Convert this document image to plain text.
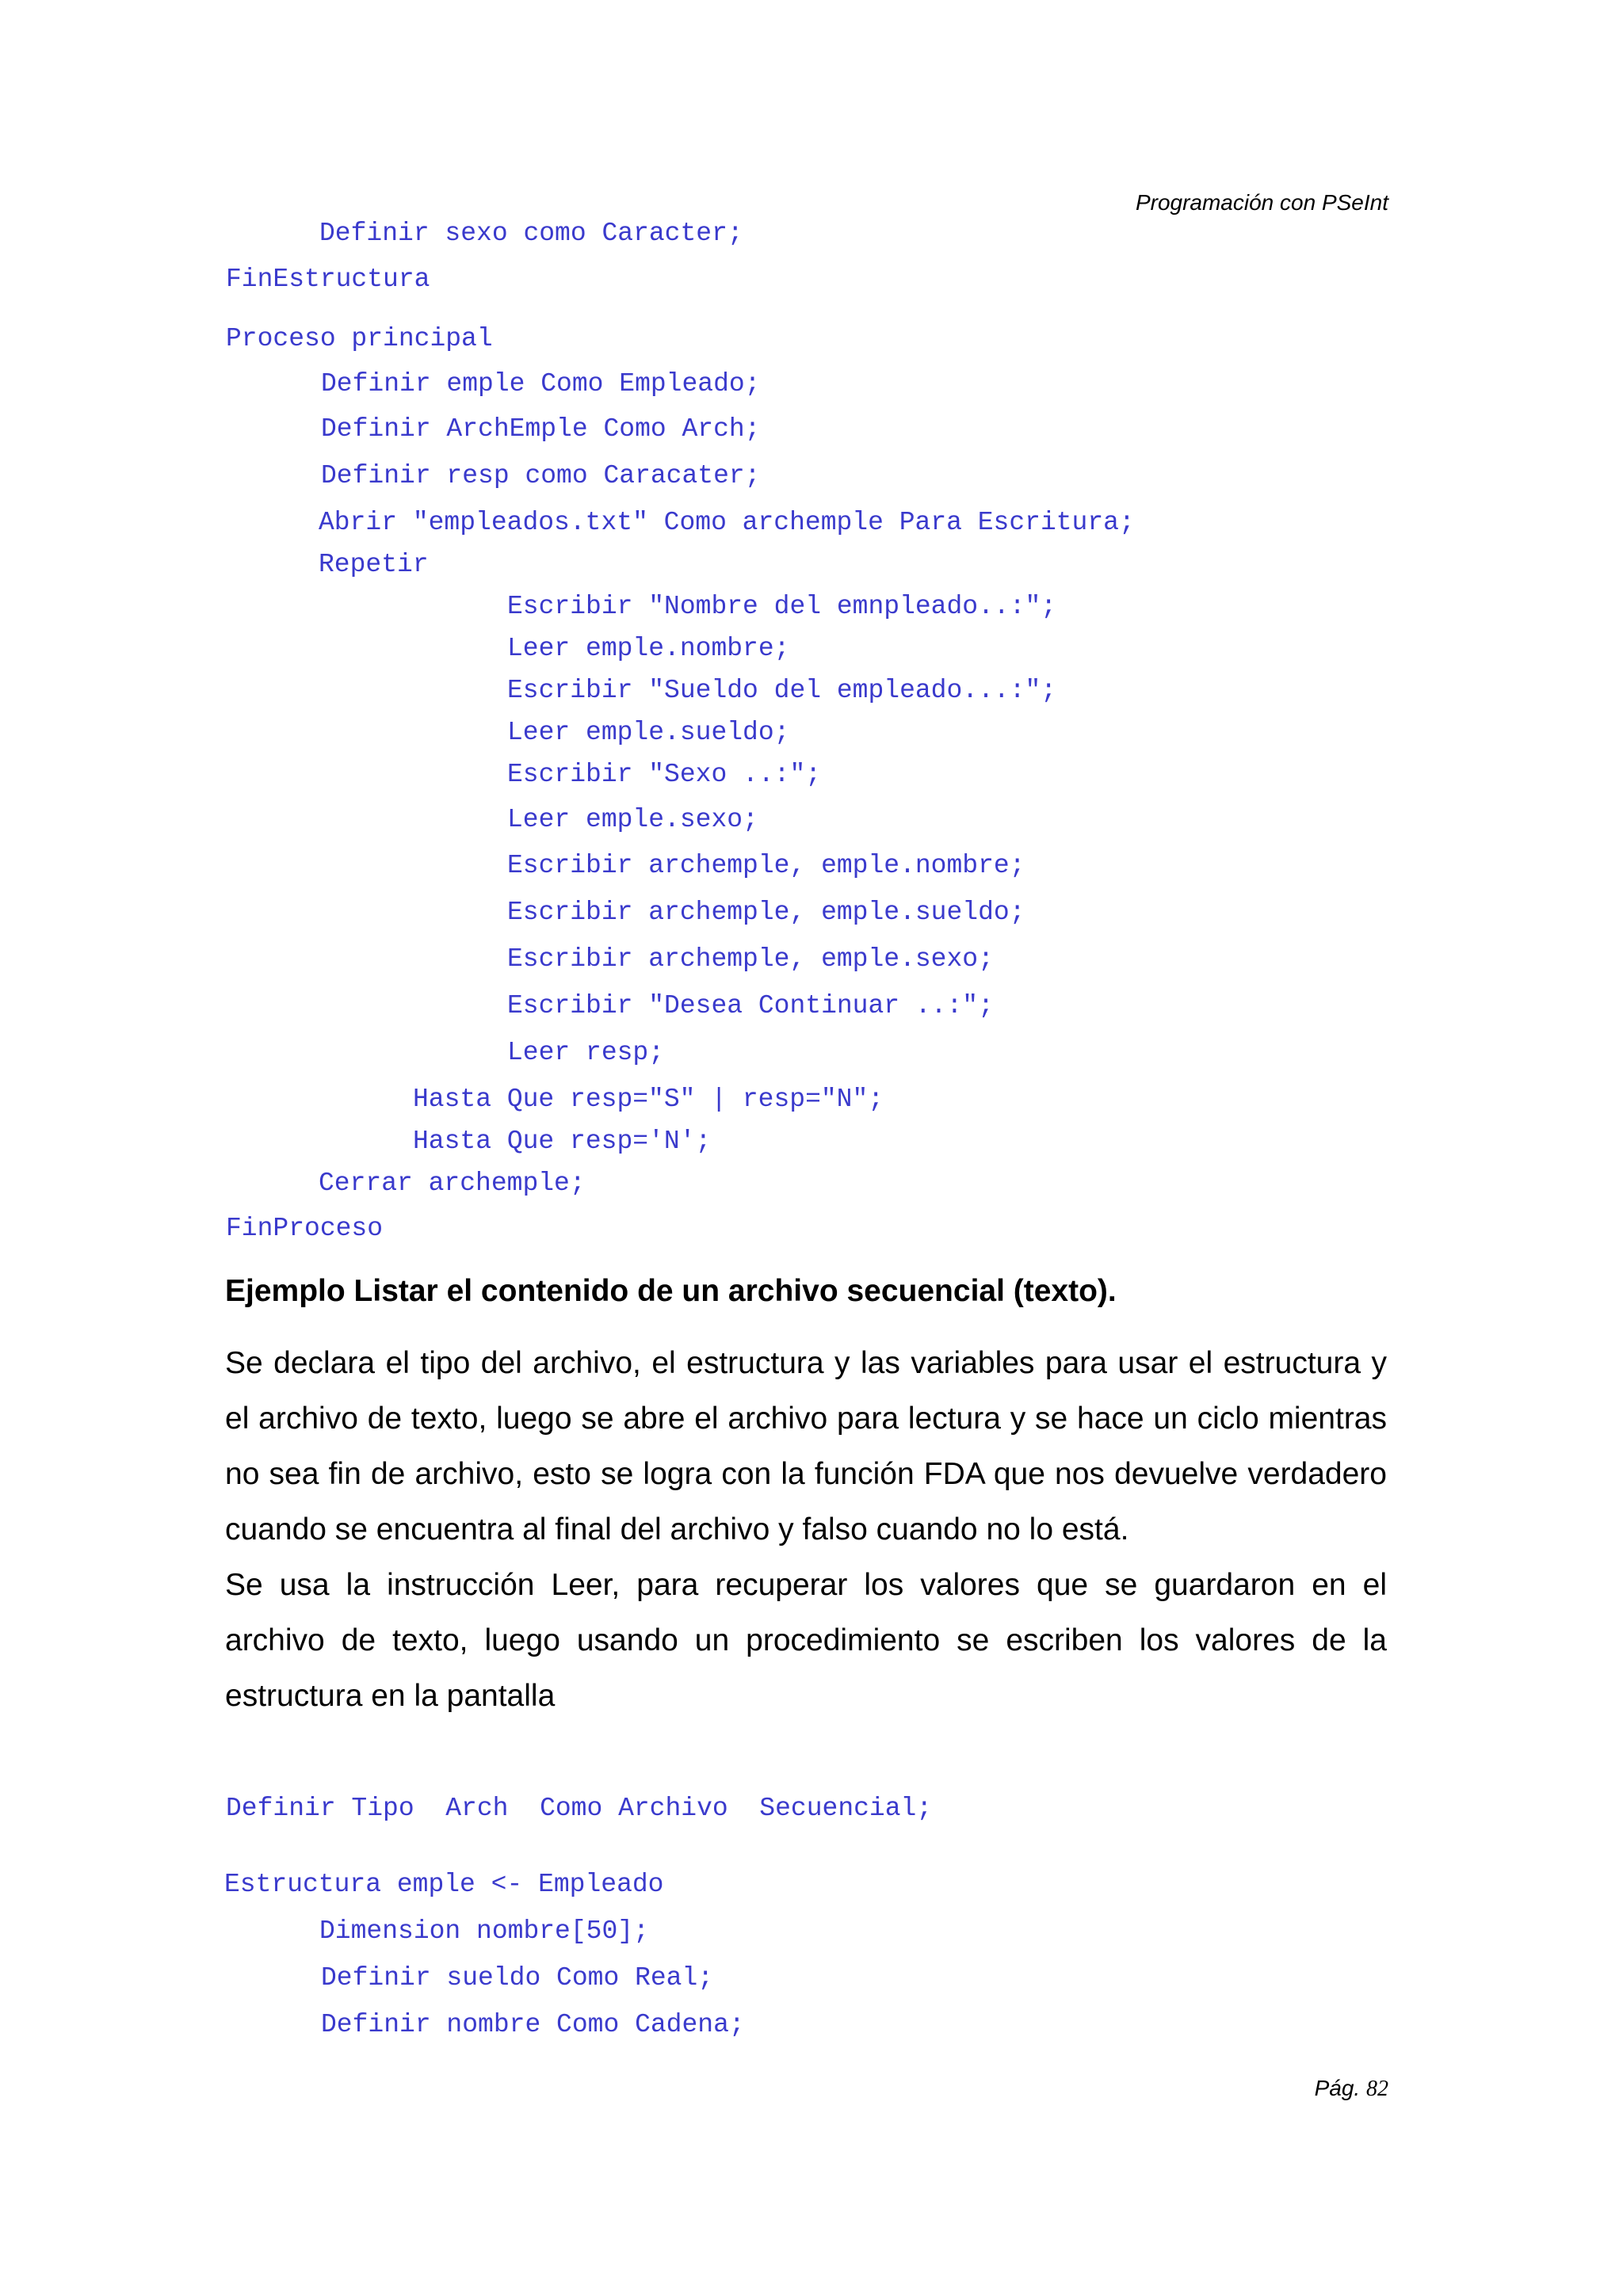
Programación con PSeInt
Definir sexo como Caracter;
FinEstructura
Proceso principal
Definir emple Como Empleado;
Definir ArchEmple Como Arch;
Definir resp como Caracater;
Abrir "empleados.txt" Como archemple Para Escritura;
Repetir
Escribir "Nombre del emnpleado..:";
Leer emple.nombre;
Escribir "Sueldo del empleado...:";
Leer emple.sueldo;
Escribir "Sexo ..:";
Leer emple.sexo;
Escribir archemple, emple.nombre;
Escribir archemple, emple.sueldo;
Escribir archemple, emple.sexo;
Escribir "Desea Continuar ..:";
Leer resp;
Hasta Que resp="S" | resp="N";
Hasta Que resp='N';
Cerrar archemple;
FinProceso
Ejemplo Listar el contenido de un archivo secuencial (texto).

Se declara el tipo del archivo, el estructura y las variables para usar el estructura y el archivo de texto, luego se abre el archivo para lectura y se hace un ciclo mientras no sea fin de archivo, esto se logra con la función FDA que nos devuelve verdadero cuando se encuentra al final del archivo y falso cuando no lo está.

Se usa la instrucción Leer, para recuperar los valores que se guardaron en el archivo de texto, luego usando un procedimiento se escriben los valores de la estructura en la pantalla

Definir Tipo  Arch  Como Archivo  Secuencial;
Estructura emple <- Empleado
Dimension nombre[50];
Definir sueldo Como Real;
Definir nombre Como Cadena;
Pág. 82
